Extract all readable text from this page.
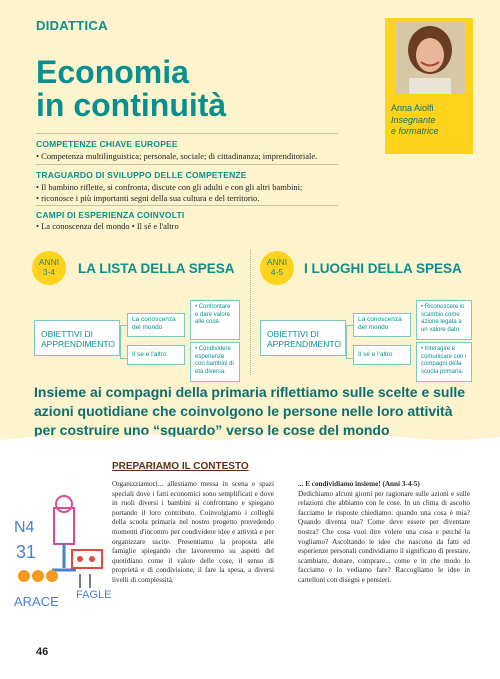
DIDATTICA
Economia
in continuità	Anna Aiolfi
Insegnante
e formatrice
COMPETENZE CHIAVE EUROPEE
• Competenza multilinguistica; personale, sociale; di cittadinanza; imprenditoriale.
TRAGUARDO DI SVILUPPO DELLE COMPETENZE
• Il bambino riflette, si confronta, discute con gli adulti e con gli altri bambini;
• riconosce i più importanti segni della sua cultura e del territorio.
CAMPI DI ESPERIENZA COINVOLTI
• La conoscenza del mondo • Il sé e l'altro
ANNI
3-4	LA LISTA DELLA SPESA
OBIETTIVI DI
APPRENDIMENTO
La conoscenza del mondo
Il sé e l'altro
• Confrontare e dare valore alle cose.
• Condividere esperienze con bambini di età diversa.
ANNI
4-5	I LUOGHI DELLA SPESA
OBIETTIVI DI
APPRENDIMENTO
La conoscenza del mondo
Il sé e l'altro
• Riconoscere lo scambio come azione legata a un valore dato.
• Interagire e comunicare con i compagni della scuola primaria.
Insieme ai compagni della primaria riflettiamo sulle scelte e sulle azioni quotidiane che coinvolgono le persone nelle loro attività per costruire uno “sguardo” verso le cose del mondo
PREPARIAMO IL CONTESTO
N4
31
ARACE FAGLE
Organizziamoci... allestiamo messa in scena e spazi speciali dove i fatti economici sono semplificati e dove in ruoli diversi i bambini si confrontano e spiegano portando il loro contributo. Coinvolgiamo i colleghi della scuola primaria nel nostro progetto prevedendo momenti d'incontro per condividere idee e attività e per organizzare uscite. Presentiamo la proposta alle famiglie spiegando che lavoreremo su aspetti del quotidiano come il valore delle cose, il senso di proprietà e di condivisione, il fare la spesa, a diversi livelli di complessità.
... E condividiamo insieme! (Anni 3-4-5)
Dedichiamo alcuni giorni per ragionare sulle azioni e sulle relazioni che abbiamo con le cose. In un clima di ascolto facciamo le risposte chiediamo: quando una cosa è mia? Quando diventa tua? Come deve essere per diventare nostra? Che cosa vuol dire volere una cosa e perché la vogliamo? Ascoltando le idee che nascono da fatti ed esperienze personali condividiamo il significato di prestare, scambiare, donare, comprare... come e in che modo lo facciamo e lo vediamo fare? Raccogliamo le idee in cartelloni con disegni e pensieri.
46
